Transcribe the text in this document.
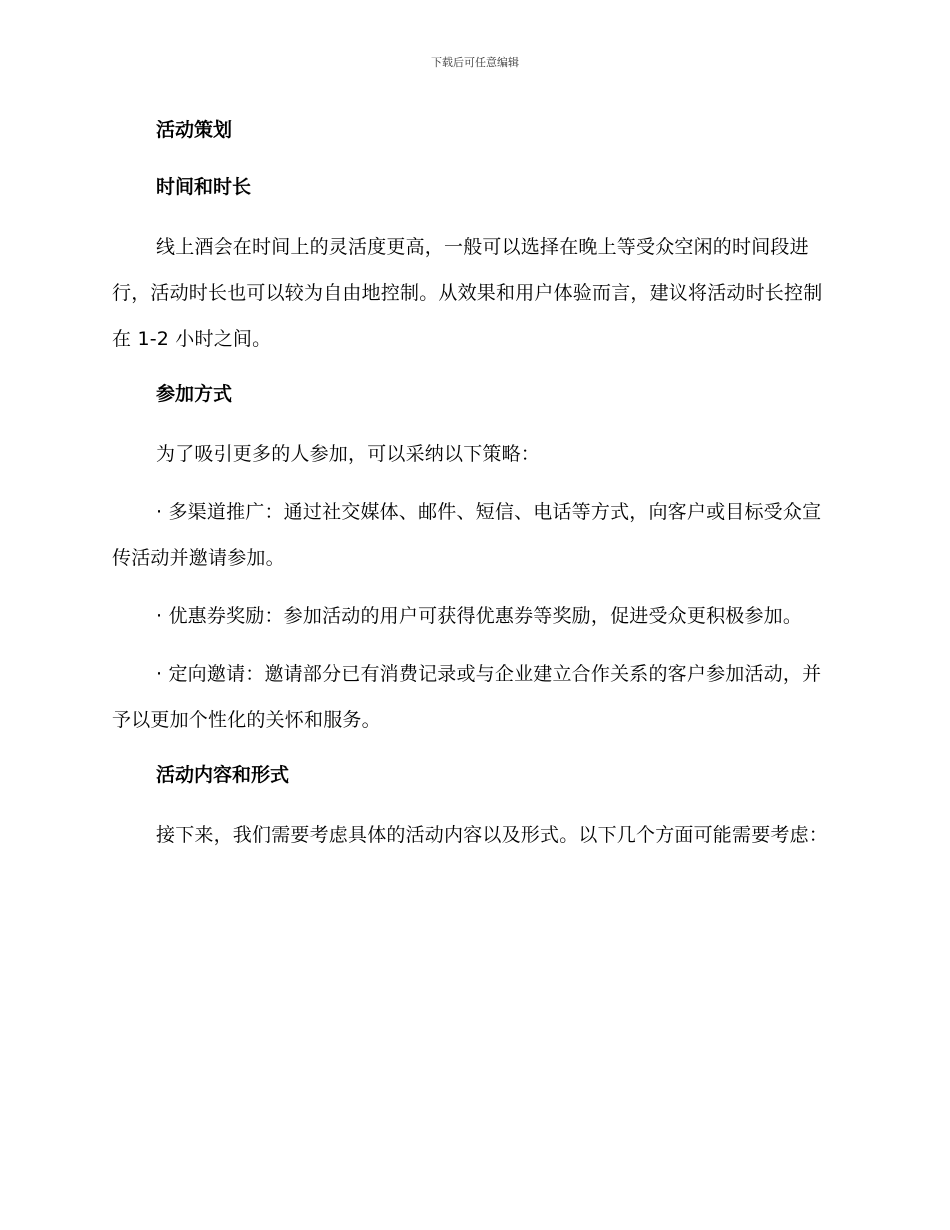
下载后可任意编辑
活动策划
时间和时长

线上酒会在时间上的灵活度更高，一般可以选择在晚上等受众空闲的时间段进行，活动时长也可以较为自由地控制。从效果和用户体验而言，建议将活动时长控制在 1-2 小时之间。

参加方式

为了吸引更多的人参加，可以采纳以下策略：

· 多渠道推广：通过社交媒体、邮件、短信、电话等方式，向客户或目标受众宣传活动并邀请参加。

· 优惠券奖励：参加活动的用户可获得优惠券等奖励，促进受众更积极参加。

· 定向邀请：邀请部分已有消费记录或与企业建立合作关系的客户参加活动，并予以更加个性化的关怀和服务。

活动内容和形式

接下来，我们需要考虑具体的活动内容以及形式。以下几个方面可能需要考虑：
